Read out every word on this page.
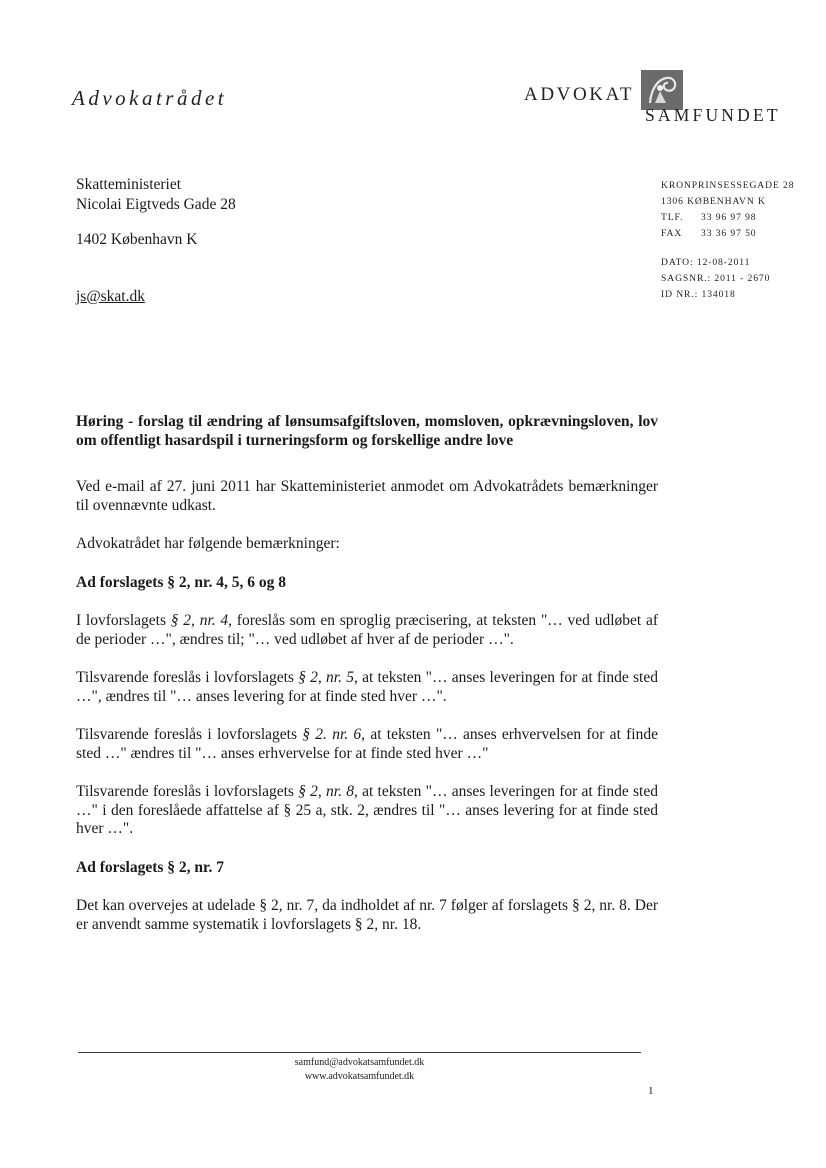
Advokatrådet	ADVOKAT
SAMFUNDET
Skatteministeriet
Nicolai Eigtveds Gade 28
1402 København K
js@skat.dk
KRONPRINSESSEGADE 28
1306 KØBENHAVN K
TLF. 33 96 97 98
FAX 33 36 97 50
DATO: 12-08-2011
SAGSNR.: 2011 - 2670
ID NR.: 134018
Høring - forslag til ændring af lønsumsafgiftsloven, momsloven, opkrævningsloven, lov om offentligt hasardspil i turneringsform og forskellige andre love

Ved e-mail af 27. juni 2011 har Skatteministeriet anmodet om Advokatrådets bemærkninger til ovennævnte udkast.

Advokatrådet har følgende bemærkninger:

Ad forslagets § 2, nr. 4, 5, 6 og 8

I lovforslagets § 2, nr. 4, foreslås som en sproglig præcisering, at teksten "… ved udløbet af de perioder …", ændres til; "… ved udløbet af hver af de perioder …".

Tilsvarende foreslås i lovforslagets § 2, nr. 5, at teksten "… anses leveringen for at finde sted …", ændres til "… anses levering for at finde sted hver …".

Tilsvarende foreslås i lovforslagets § 2. nr. 6, at teksten "… anses erhvervelsen for at finde sted …" ændres til "… anses erhvervelse for at finde sted hver …"

Tilsvarende foreslås i lovforslagets § 2, nr. 8, at teksten "… anses leveringen for at finde sted …" i den foreslåede affattelse af § 25 a, stk. 2, ændres til "… anses levering for at finde sted hver …".

Ad forslagets § 2, nr. 7

Det kan overvejes at udelade § 2, nr. 7, da indholdet af nr. 7 følger af forslagets § 2, nr. 8. Der er anvendt samme systematik i lovforslagets § 2, nr. 18.

samfund@advokatsamfundet.dk
www.advokatsamfundet.dk
1
